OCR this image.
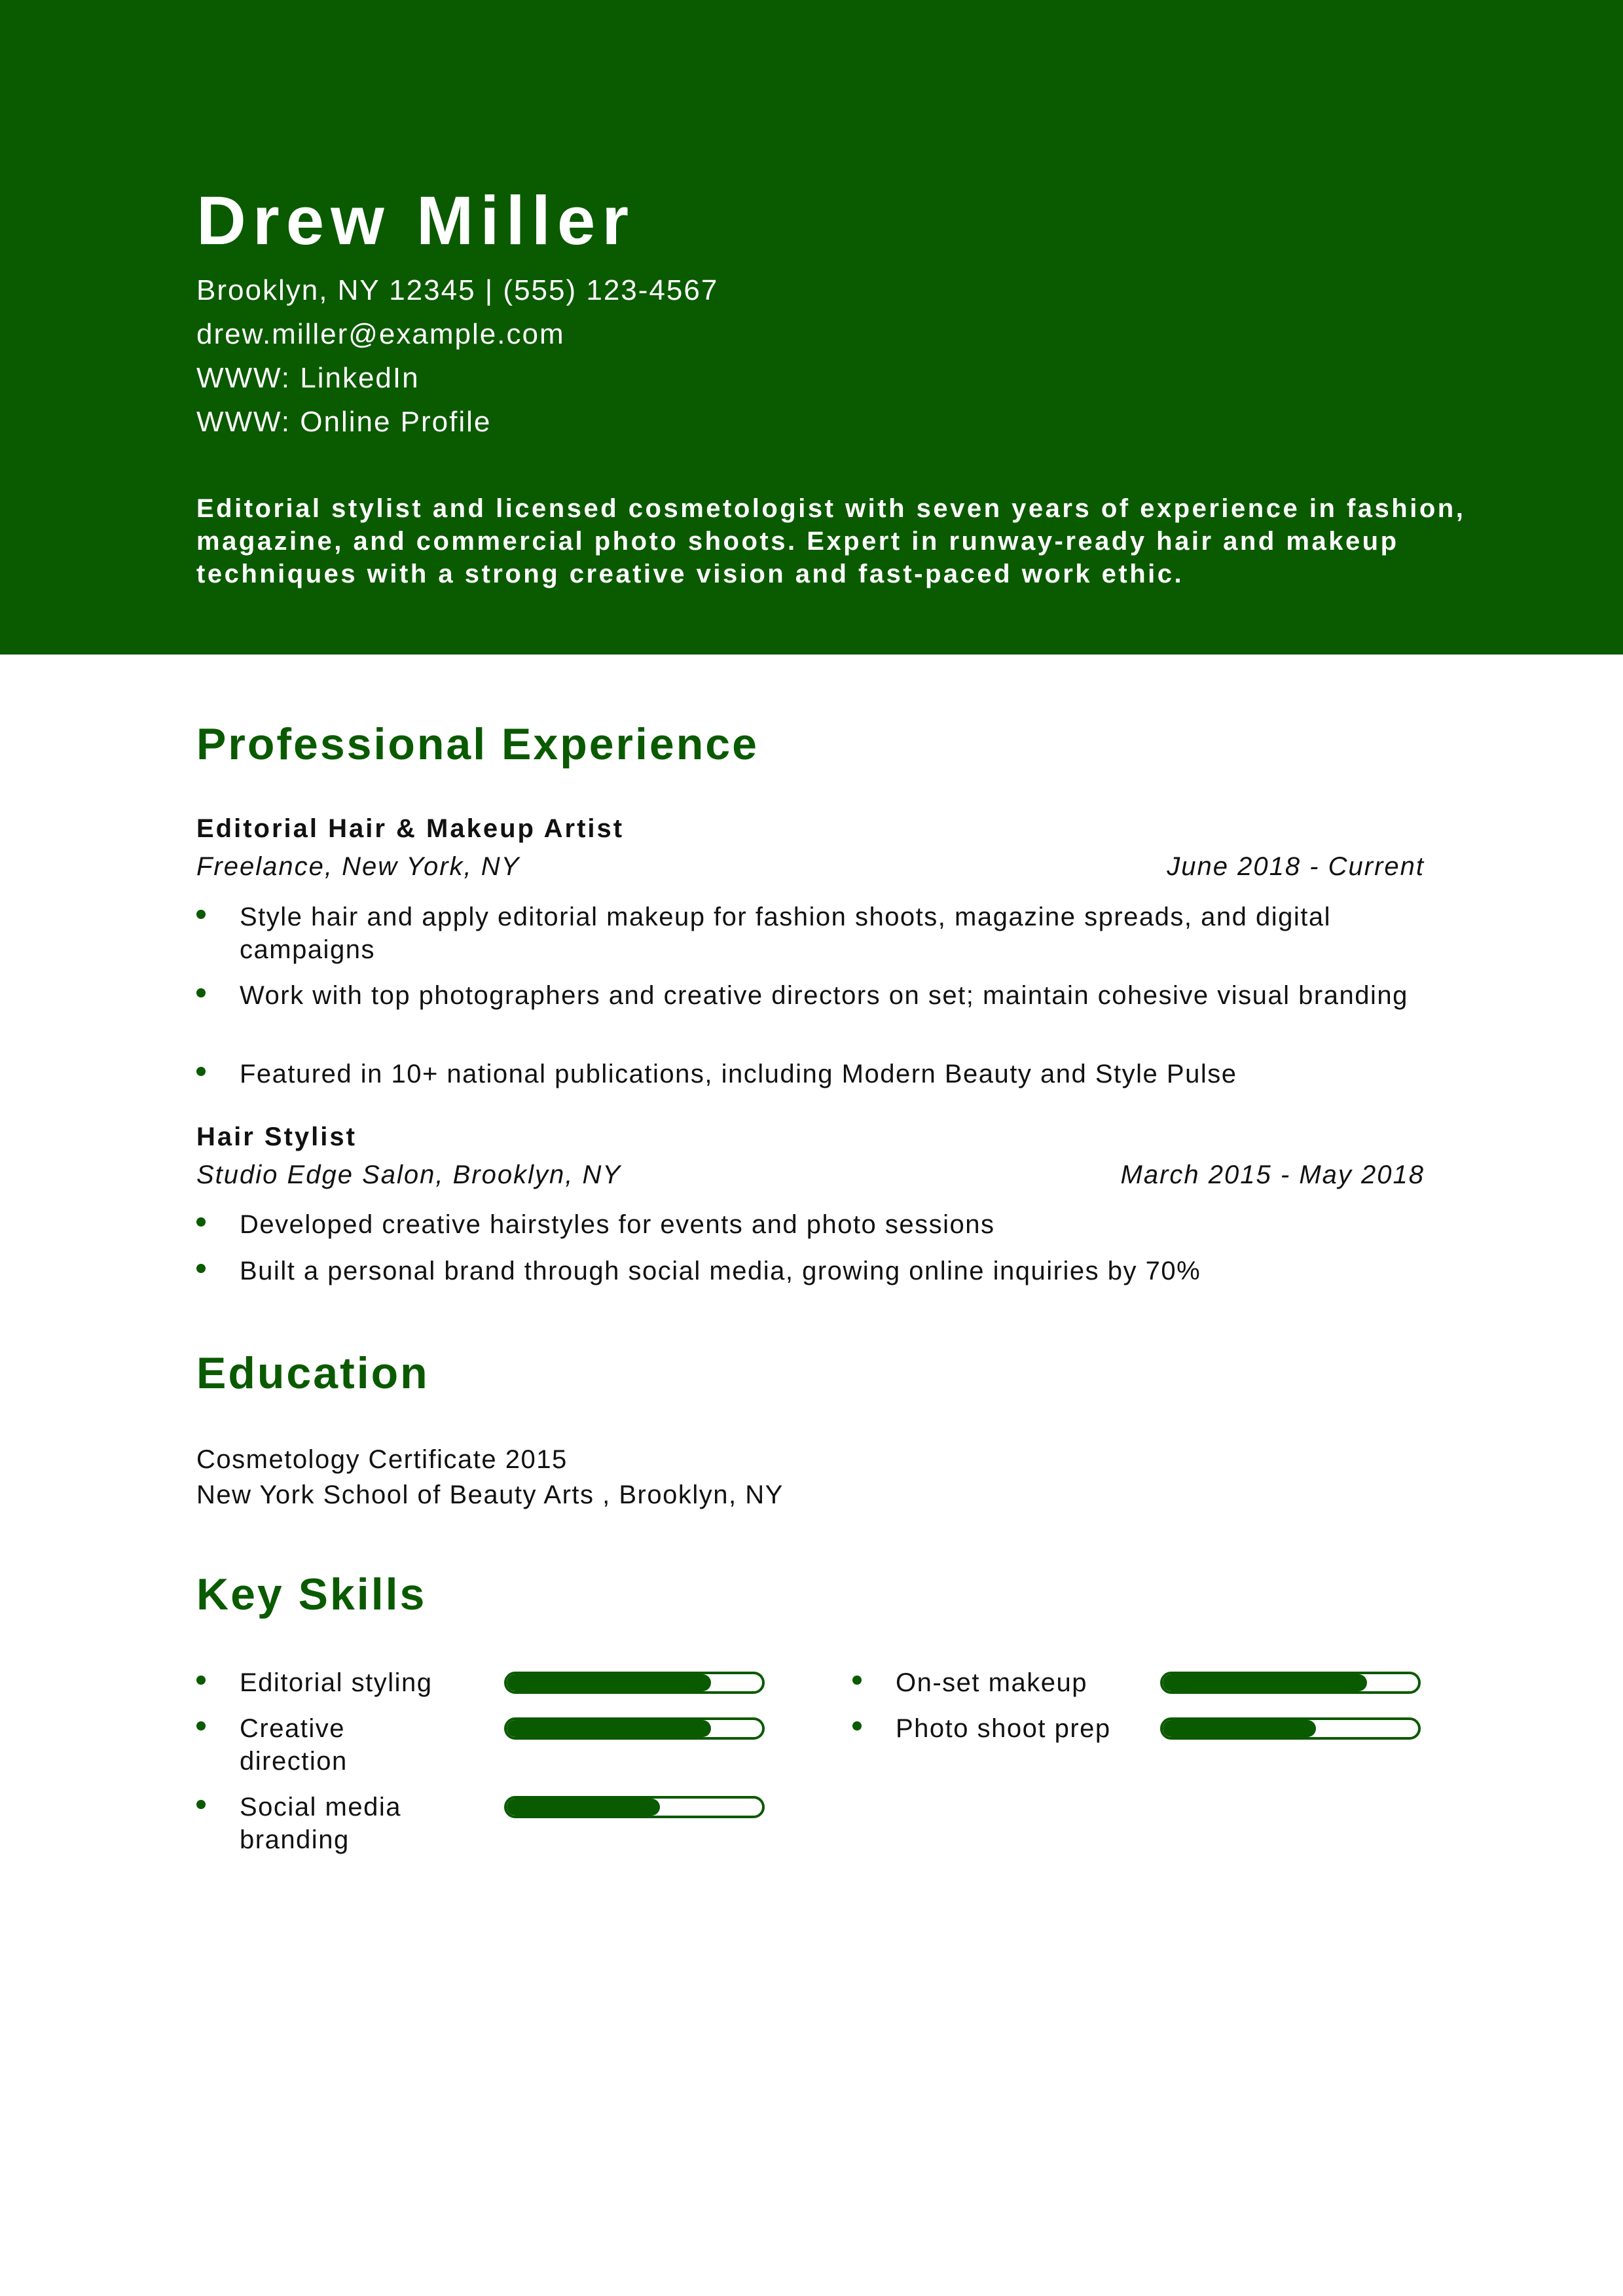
Drew Miller
Brooklyn, NY 12345 | (555) 123-4567
drew.miller@example.com
WWW: LinkedIn
WWW: Online Profile
Editorial stylist and licensed cosmetologist with seven years of experience in fashion, magazine, and commercial photo shoots. Expert in runway-ready hair and makeup techniques with a strong creative vision and fast-paced work ethic.
Professional Experience
Editorial Hair & Makeup Artist
Freelance, New York, NY	June 2018 - Current
Style hair and apply editorial makeup for fashion shoots, magazine spreads, and digital campaigns
Work with top photographers and creative directors on set; maintain cohesive visual branding
Featured in 10+ national publications, including Modern Beauty and Style Pulse
Hair Stylist
Studio Edge Salon, Brooklyn, NY	March 2015 - May 2018
Developed creative hairstyles for events and photo sessions
Built a personal brand through social media, growing online inquiries by 70%
Education
Cosmetology Certificate 2015
New York School of Beauty Arts , Brooklyn, NY
Key Skills
Editorial styling
Creative direction
Social media branding
On-set makeup
Photo shoot prep
